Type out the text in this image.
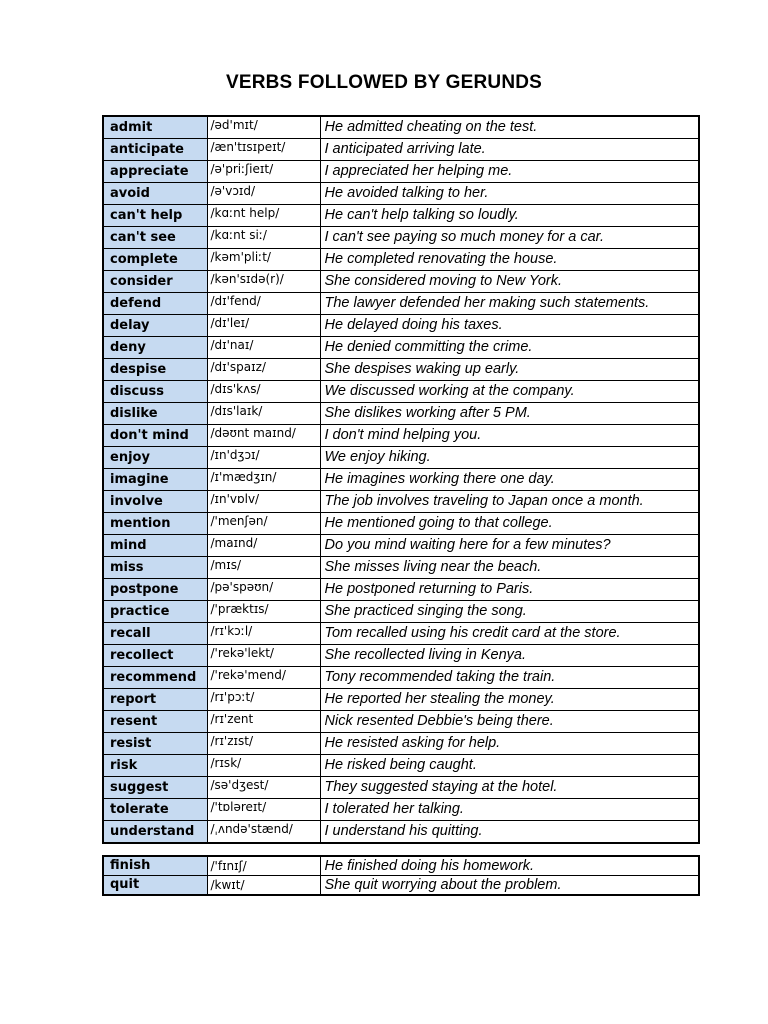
VERBS FOLLOWED BY GERUNDS
admit	/əd'mɪt/	He admitted cheating on the test.
anticipate	/æn'tɪsɪpeɪt/	I anticipated arriving late.
appreciate	/ə'priːʃieɪt/	I appreciated her helping me.
avoid	/ə'vɔɪd/	He avoided talking to her.
can't help	/kɑːnt help/	He can't help talking so loudly.
can't see	/kɑːnt siː/	I can't see paying so much money for a car.
complete	/kəm'pliːt/	He completed renovating the house.
consider	/kən'sɪdə(r)/	She considered moving to New York.
defend	/dɪ'fend/	The lawyer defended her making such statements.
delay	/dɪ'leɪ/	He delayed doing his taxes.
deny	/dɪ'naɪ/	He denied committing the crime.
despise	/dɪ'spaɪz/	She despises waking up early.
discuss	/dɪs'kʌs/	We discussed working at the company.
dislike	/dɪs'laɪk/	She dislikes working after 5 PM.
don't mind	/dəʊnt maɪnd/	I don't mind helping you.
enjoy	/ɪn'dʒɔɪ/	We enjoy hiking.
imagine	/ɪ'mædʒɪn/	He imagines working there one day.
involve	/ɪn'vɒlv/	The job involves traveling to Japan once a month.
mention	/'menʃən/	He mentioned going to that college.
mind	/maɪnd/	Do you mind waiting here for a few minutes?
miss	/mɪs/	She misses living near the beach.
postpone	/pə'spəʊn/	He postponed returning to Paris.
practice	/'præktɪs/	She practiced singing the song.
recall	/rɪ'kɔːl/	Tom recalled using his credit card at the store.
recollect	/'rekə'lekt/	She recollected living in Kenya.
recommend	/'rekə'mend/	Tony recommended taking the train.
report	/rɪ'pɔːt/	He reported her stealing the money.
resent	/rɪ'zent	Nick resented Debbie's being there.
resist	/rɪ'zɪst/	He resisted asking for help.
risk	/rɪsk/	He risked being caught.
suggest	/sə'dʒest/	They suggested staying at the hotel.
tolerate	/'tɒləreɪt/	I tolerated her talking.
understand	/ˌʌndə'stænd/	I understand his quitting.
finish	/'fɪnɪʃ/	He finished doing his homework.
quit	/kwɪt/	She quit worrying about the problem.
